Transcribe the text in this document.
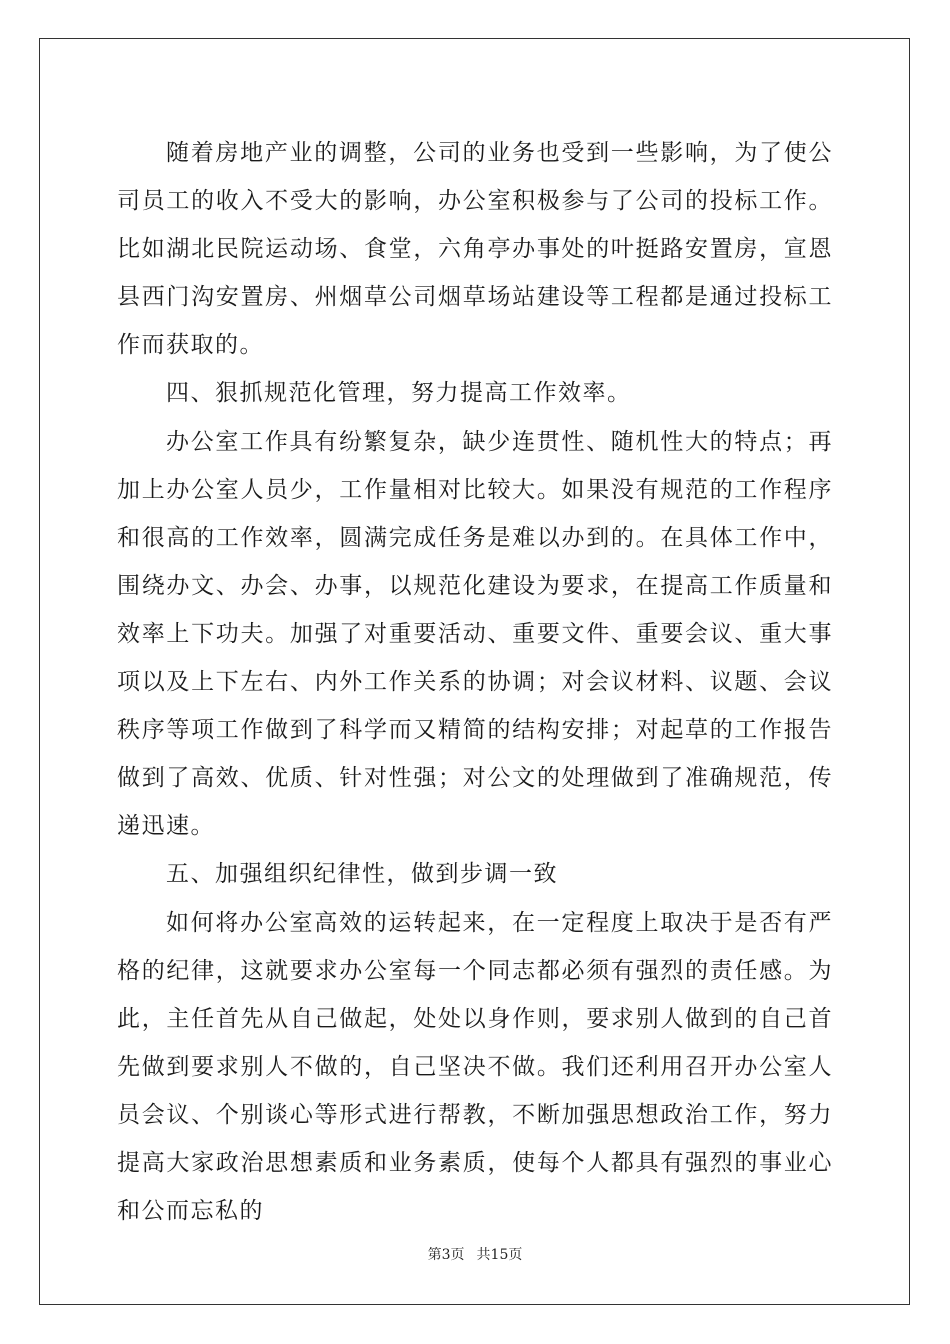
随着房地产业的调整，公司的业务也受到一些影响，为了使公司员工的收入不受大的影响，办公室积极参与了公司的投标工作。比如湖北民院运动场、食堂，六角亭办事处的叶挺路安置房，宣恩县西门沟安置房、州烟草公司烟草场站建设等工程都是通过投标工作而获取的。

四、狠抓规范化管理，努力提高工作效率。

办公室工作具有纷繁复杂，缺少连贯性、随机性大的特点；再加上办公室人员少，工作量相对比较大。如果没有规范的工作程序和很高的工作效率，圆满完成任务是难以办到的。在具体工作中，围绕办文、办会、办事，以规范化建设为要求，在提高工作质量和效率上下功夫。加强了对重要活动、重要文件、重要会议、重大事项以及上下左右、内外工作关系的协调；对会议材料、议题、会议秩序等项工作做到了科学而又精简的结构安排；对起草的工作报告做到了高效、优质、针对性强；对公文的处理做到了准确规范，传递迅速。

五、加强组织纪律性，做到步调一致

如何将办公室高效的运转起来，在一定程度上取决于是否有严格的纪律，这就要求办公室每一个同志都必须有强烈的责任感。为此，主任首先从自己做起，处处以身作则，要求别人做到的自己首先做到要求别人不做的，自己坚决不做。我们还利用召开办公室人员会议、个别谈心等形式进行帮教，不断加强思想政治工作，努力提高大家政治思想素质和业务素质，使每个人都具有强烈的事业心和公而忘私的

第3页 共15页
